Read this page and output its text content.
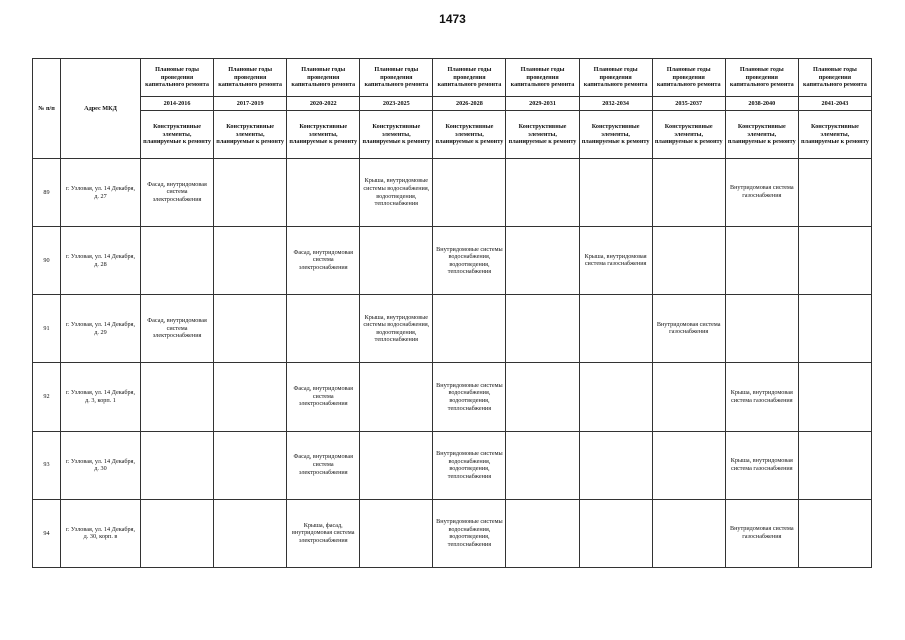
1473
№ п/п	Адрес МКД	Плановые годы проведения капитального ремонта	Плановые годы проведения капитального ремонта	Плановые годы проведения капитального ремонта	Плановые годы проведения капитального ремонта	Плановые годы проведения капитального ремонта	Плановые годы проведения капитального ремонта	Плановые годы проведения капитального ремонта	Плановые годы проведения капитального ремонта	Плановые годы проведения капитального ремонта	Плановые годы проведения капитального ремонта
		2014-2016	2017-2019	2020-2022	2023-2025	2026-2028	2029-2031	2032-2034	2035-2037	2038-2040	2041-2043
		Конструктивные элементы, планируемые к ремонту	Конструктивные элементы, планируемые к ремонту	Конструктивные элементы, планируемые к ремонту	Конструктивные элементы, планируемые к ремонту	Конструктивные элементы, планируемые к ремонту	Конструктивные элементы, планируемые к ремонту	Конструктивные элементы, планируемые к ремонту	Конструктивные элементы, планируемые к ремонту	Конструктивные элементы, планируемые к ремонту	Конструктивные элементы, планируемые к ремонту
89	г. Узловая, ул. 14 Декабря, д. 27	Фасад, внутридомовая система электроснабжения			Крыша, внутридомовые системы водоснабжения, водоотведения, теплоснабжения					Внутридомовая система газоснабжения	
90	г. Узловая, ул. 14 Декабря, д. 28			Фасад, внутридомовая система электроснабжения		Внутридомовые системы водоснабжения, водоотведения, теплоснабжения		Крыша, внутридомовая система газоснабжения			
91	г. Узловая, ул. 14 Декабря, д. 29	Фасад, внутридомовая система электроснабжения			Крыша, внутридомовые системы водоснабжения, водоотведения, теплоснабжения				Внутридомовая система газоснабжения		
92	г. Узловая, ул. 14 Декабря, д. 3, корп. 1			Фасад, внутридомовая система электроснабжения		Внутридомовые системы водоснабжения, водоотведения, теплоснабжения				Крыша, внутридомовая система газоснабжения	
93	г. Узловая, ул. 14 Декабря, д. 30			Фасад, внутридомовая система электроснабжения		Внутридомовые системы водоснабжения, водоотведения, теплоснабжения				Крыша, внутридомовая система газоснабжения	
94	г. Узловая, ул. 14 Декабря, д. 30, корп. в			Крыша, фасад, внутридомовая система электроснабжения		Внутридомовые системы водоснабжения, водоотведения, теплоснабжения				Внутридомовая система газоснабжения	
